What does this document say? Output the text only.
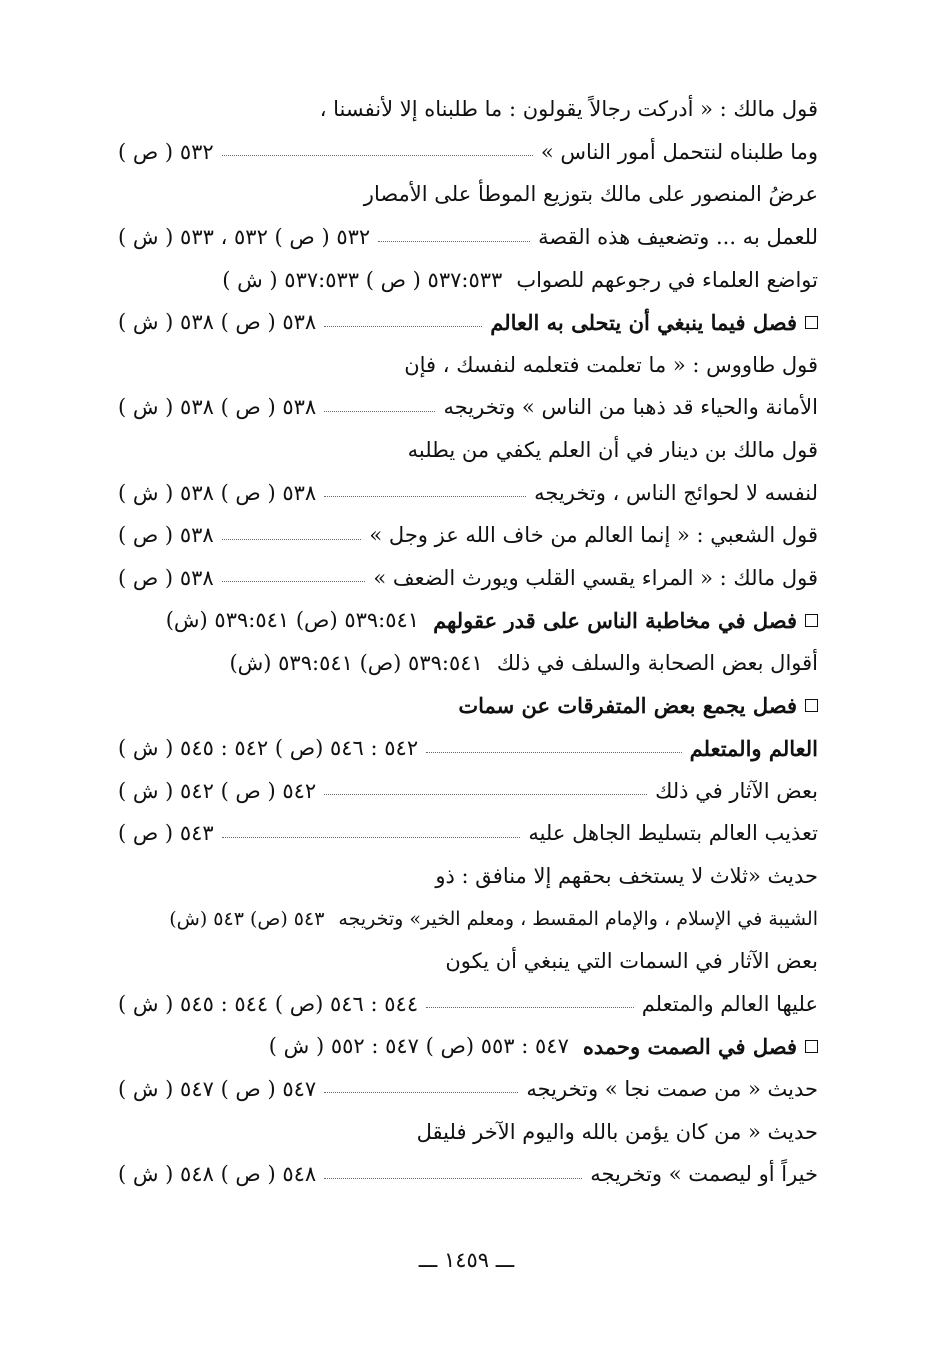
قول مالك : « أدركت رجالاً يقولون : ما طلبناه إلا لأنفسنا ،
وما طلبناه لنتحمل أمور الناس »
٥٣٢ ( ص )
عرضُ المنصور على مالك بتوزيع الموطأ على الأمصار
للعمل به ... وتضعيف هذه القصة
٥٣٢ ( ص ) ٥٣٢ ، ٥٣٣ ( ش )
تواضع العلماء في رجوعهم للصواب
٥٣٧:٥٣٣ ( ص ) ٥٣٧:٥٣٣ ( ش )
فصل فيما ينبغي أن يتحلى به العالم
٥٣٨ ( ص ) ٥٣٨ ( ش )
قول طاووس : « ما تعلمت فتعلمه لنفسك ، فإن
الأمانة والحياء قد ذهبا من الناس » وتخريجه
٥٣٨ ( ص ) ٥٣٨ ( ش )
قول مالك بن دينار في أن العلم يكفي من يطلبه
لنفسه لا لحوائج الناس ، وتخريجه
٥٣٨ ( ص ) ٥٣٨ ( ش )
قول الشعبي : « إنما العالم من خاف الله عز وجل »
٥٣٨ ( ص )
قول مالك : « المراء يقسي القلب ويورث الضعف »
٥٣٨ ( ص )
فصل في مخاطبة الناس على قدر عقولهم
٥٣٩:٥٤١ (ص) ٥٣٩:٥٤١ (ش)
أقوال بعض الصحابة والسلف في ذلك
٥٣٩:٥٤١ (ص) ٥٣٩:٥٤١ (ش)
فصل يجمع بعض المتفرقات عن سمات
العالم والمتعلم
٥٤٢ : ٥٤٦ (ص ) ٥٤٢ : ٥٤٥ ( ش )
بعض الآثار في ذلك
٥٤٢ ( ص ) ٥٤٢ ( ش )
تعذيب العالم بتسليط الجاهل عليه
٥٤٣ ( ص )
حديث «ثلاث لا يستخف بحقهم إلا منافق : ذو
الشيبة في الإسلام ، والإمام المقسط ، ومعلم الخير» وتخريجه
٥٤٣ (ص) ٥٤٣ (ش)
بعض الآثار في السمات التي ينبغي أن يكون
عليها العالم والمتعلم
٥٤٤ : ٥٤٦ (ص ) ٥٤٤ : ٥٤٥ ( ش )
فصل في الصمت وحمده
٥٤٧ : ٥٥٣ (ص ) ٥٤٧ : ٥٥٢ ( ش )
حديث « من صمت نجا » وتخريجه
٥٤٧ ( ص ) ٥٤٧ ( ش )
حديث « من كان يؤمن بالله واليوم الآخر فليقل
خيراً أو ليصمت » وتخريجه
٥٤٨ ( ص ) ٥٤٨ ( ش )
ـــ ١٤٥٩ ـــ
